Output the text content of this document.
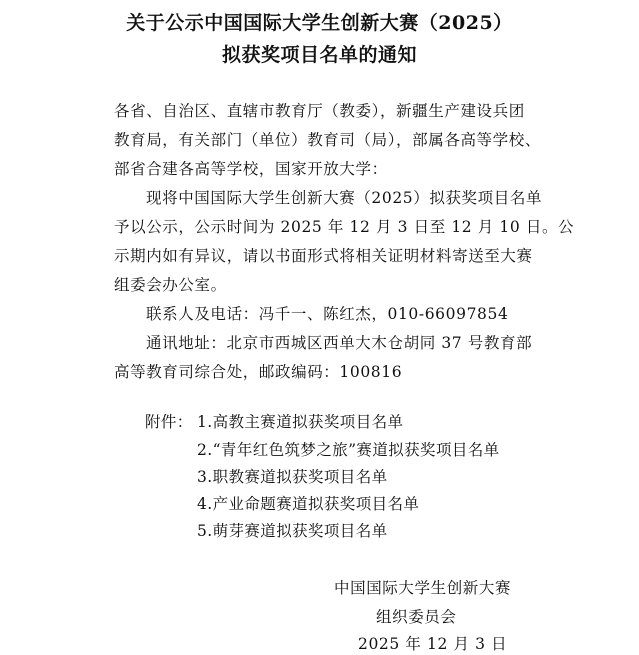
关于公示中国国际大学生创新大赛（2025）
拟获奖项目名单的通知
各省、自治区、直辖市教育厅（教委），新疆生产建设兵团
教育局，有关部门（单位）教育司（局），部属各高等学校、
部省合建各高等学校，国家开放大学：
现将中国国际大学生创新大赛（2025）拟获奖项目名单
予以公示，公示时间为 2025 年 12 月 3 日至 12 月 10 日。公
示期内如有异议，请以书面形式将相关证明材料寄送至大赛
组委会办公室。
联系人及电话：冯千一、陈红杰，010-66097854
通讯地址：北京市西城区西单大木仓胡同 37 号教育部
高等教育司综合处，邮政编码：100816
附件： 1.高教主赛道拟获奖项目名单
2.“青年红色筑梦之旅”赛道拟获奖项目名单
3.职教赛道拟获奖项目名单
4.产业命题赛道拟获奖项目名单
5.萌芽赛道拟获奖项目名单
中国国际大学生创新大赛
组织委员会
2025 年 12 月 3 日
